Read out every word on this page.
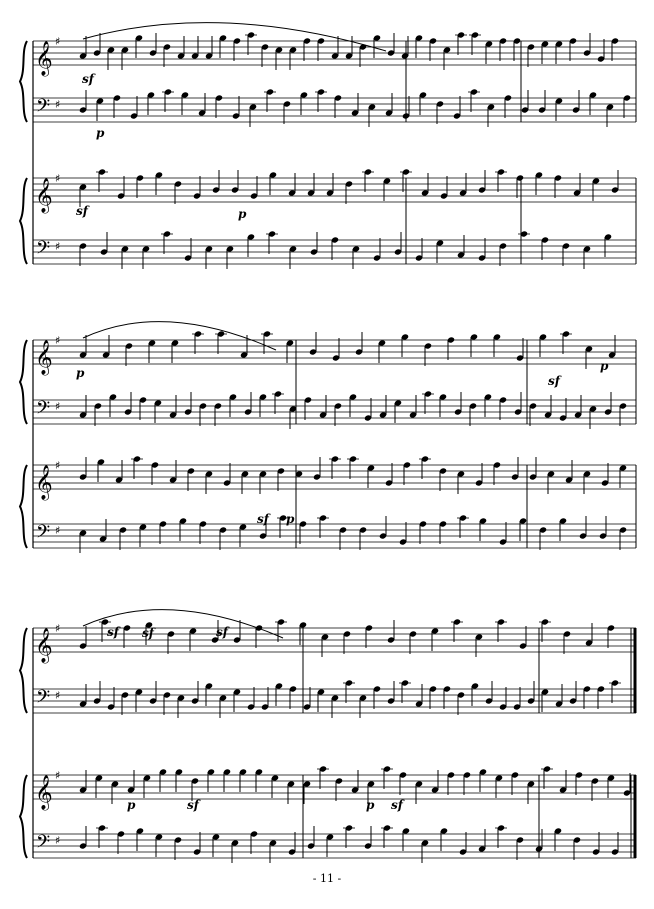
𝄞 ♯
𝄢 ♯
𝄞 ♯
𝄢 ♯
sf
p
sf	p
𝄞 ♯
𝄢 ♯
𝄞 ♯
𝄢 ♯
p
sf
p
sf p
𝄞 ♯
𝄢 ♯
𝄞 ♯
𝄢 ♯
sf sf	sf
p	sf	p sf
- 11 -
